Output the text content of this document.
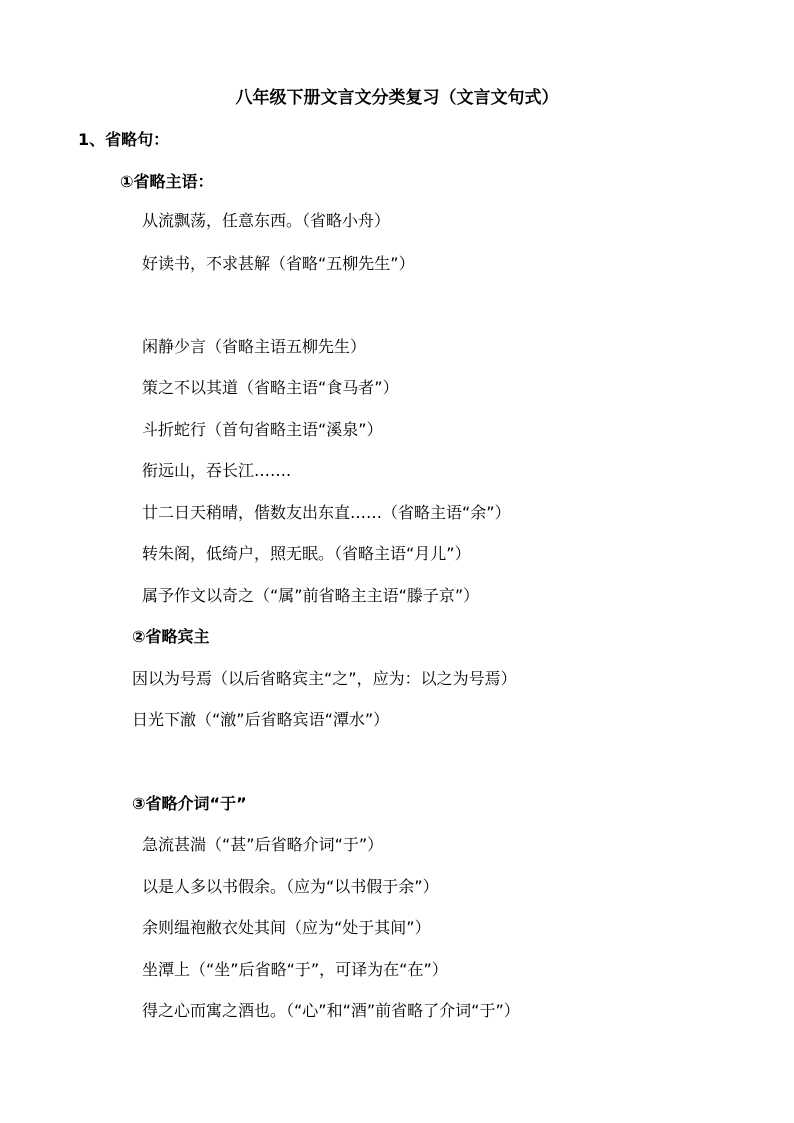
八年级下册文言文分类复习（文言文句式）
1、省略句：
①省略主语：
从流飘荡，任意东西。（省略小舟）
好读书，不求甚解（省略“五柳先生”）
闲静少言（省略主语五柳先生）
策之不以其道（省略主语“食马者”）
斗折蛇行（首句省略主语“溪泉”）
衔远山，吞长江…….
廿二日天稍晴，偕数友出东直……（省略主语“余”）
转朱阁，低绮户，照无眠。（省略主语“月儿”）
属予作文以奇之（“属”前省略主主语“滕子京”）
②省略宾主
因以为号焉（以后省略宾主“之”，应为：以之为号焉）
日光下澈（“澈”后省略宾语“潭水”）
③省略介词“于”
急流甚湍（“甚”后省略介词“于”）
以是人多以书假余。（应为“以书假于余”）
余则缊袍敝衣处其间（应为“处于其间”）
坐潭上（“坐”后省略“于”，可译为在“在”）
得之心而寓之酒也。（“心”和“酒”前省略了介词“于”）
